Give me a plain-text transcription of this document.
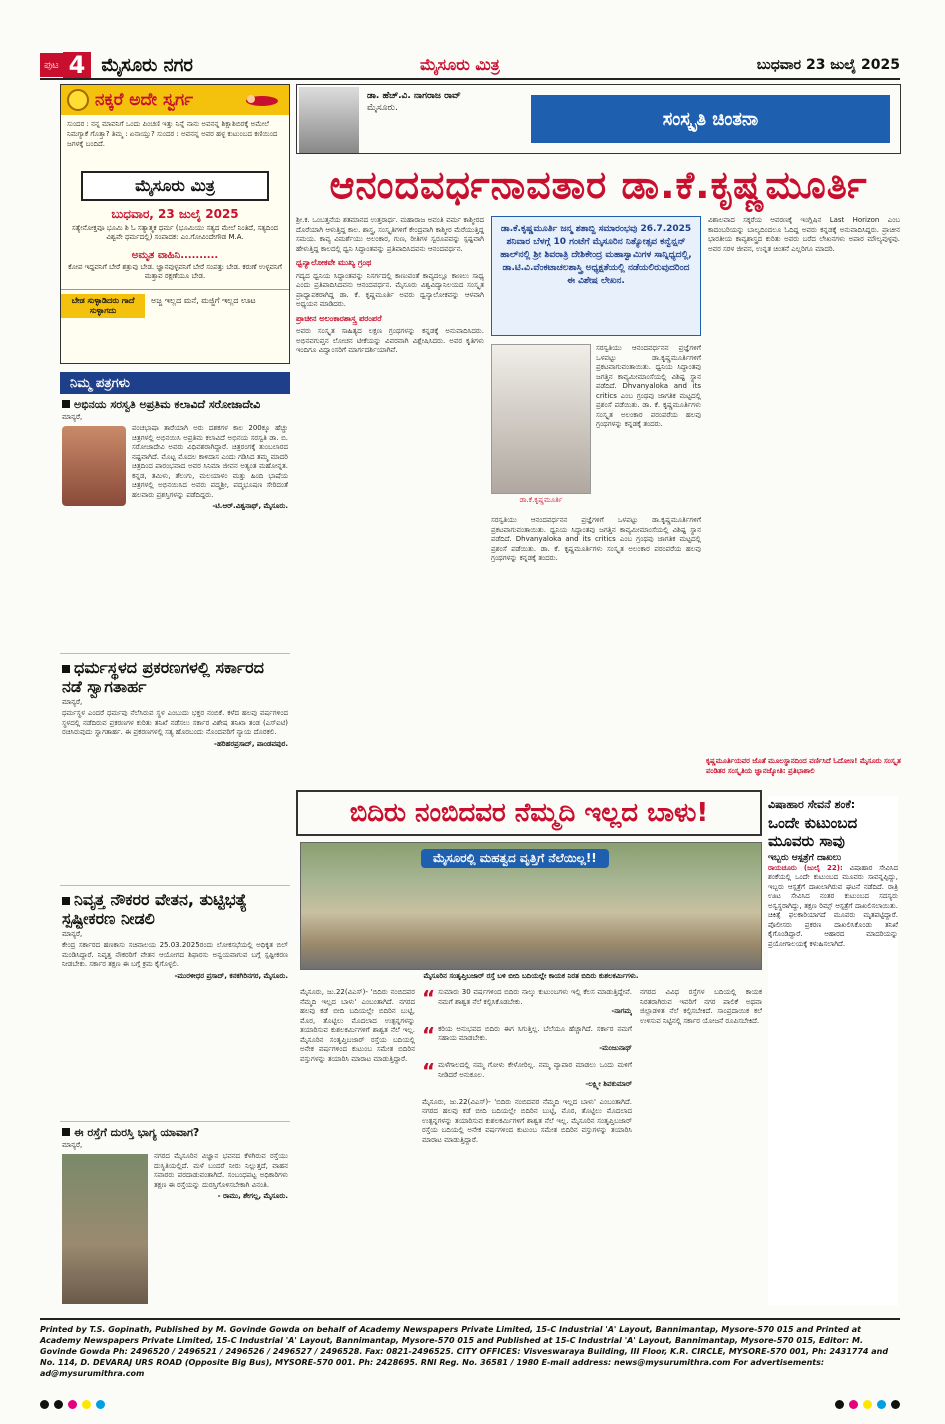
ಪುಟ 4 ಮೈಸೂರು ನಗರ	ಮೈಸೂರು ಮಿತ್ರ	ಬುಧವಾರ 23 ಜುಲೈ 2025
ನಕ್ಕರೆ ಅದೇ ಸ್ವರ್ಗ
ಸುಂದರ : ನನ್ನ ಮಾವನಿಗೆ ಒಂದು ಪಿಂಚಣಿ ಇತ್ತು ನಿನ್ನೆ ನಾನು ಅವನನ್ನ ಶಿಕ್ಷಾಶಿಬಿರಕ್ಕೆ ಅಮೇಲೆ ನಿಮಗ್ಯಾಕೆ ಗೊತ್ತಾ? ತಿಮ್ಮ : ಏನಾಯ್ತು? ಸುಂದರ : ಅವನನ್ನ ಅವರ ಹಳ್ಳ ಕುಟುಂಬದ ಕಣಿಯಿಂದ ಜಗಳಕ್ಕೆ ಬಂದಿದೆ.
ಮೈಸೂರು ಮಿತ್ರ
ಬುಧವಾರ, 23 ಜುಲೈ 2025
ಸತ್ಯೇನೋಕ್ತವೂ ಭೂಮಿ ಶಿ ಓ ಸತ್ಯಾತ್ಮಕ ಧರ್ಮ (ಭೂಮಿಯು ಸತ್ಯದ ಮೇಲೆ ನಿಂತಿದೆ, ಸತ್ಯದಿಂದ ವಿಶ್ವವೇ ಧರ್ಮದಲ್ಲಿ) ಸಂಪಾದಕ: ಎಂ.ಗೋವಿಂದೇಗೌಡ M.A.
ಅಮೃತ ವಾಹಿನಿ..........
ಕೋಪ ಇದ್ದವನಿಗೆ ಬೇರೆ ಶತ್ರುವು ಬೇಡ. ಜ್ಞಾನವುಳ್ಳವನಿಗೆ ಬೇರೆ ಸಂಪತ್ತು ಬೇಡ. ಕರುಣೆ ಉಳ್ಳವನಿಗೆ ಮತ್ತಾವ ರಕ್ಷಣೆಯೂ ಬೇಡ.
ಬೇಡ ಸುಳ್ಳಾಡಿದರು ಗಾದೆ ಸುಳ್ಳಾಗದು
ಅಜ್ಜ ಇಲ್ಲದ ಮನೆ, ಮಜ್ಜಿಗೆ ಇಲ್ಲದ ಊಟ
ನಿಮ್ಮ ಪತ್ರಗಳು
ಅಭಿನಯ ಸರಸ್ವತಿ ಅಪ್ರತಿಮ ಕಲಾವಿದೆ ಸರೋಜಾದೇವಿ
ಮಾನ್ಯರೆ,
ಪಂಚಭಾಷಾ ತಾರೆಯಾಗಿ ಅರು ದಶಕಗಳ ಕಾಲ 200ಕ್ಕೂ ಹೆಚ್ಚು ಚಿತ್ರಗಳಲ್ಲಿ ಅಭಿನಯಿಸಿ ಅಪ್ರತಿಮ ಕಲಾವಿದೆ ಅಭಿನಯ ಸರಸ್ವತಿ ಡಾ. ಬಿ. ಸರೋಜಾದೇವಿ ಅವರು ವಿಧಿವಶರಾಗಿದ್ದಾರೆ. ಚಿತ್ರರಂಗಕ್ಕೆ ತುಂಬಲಾರದ ನಷ್ಟವಾಗಿದೆ. ಮೊಟ್ಟ ಮೊದಲ ಕಾಳಿದಾಸ ಎಂದು ಗಡಿಸಿದ ತಮ್ಮ ಮಾದರಿ ಚಿತ್ರದಿಂದ ಪಾರಂಭವಾದ ಅವರ ಸಿನಿಮಾ ಜೀವನ ಅತ್ಯಂತ ಮಹೋನ್ನತ. ಕನ್ನಡ, ತಮಿಳು, ತೆಲುಗು, ಮಲಯಾಳಂ ಮತ್ತು ಹಿಂದಿ ಭಾಷೆಯ ಚಿತ್ರಗಳಲ್ಲಿ ಅಭಿನಯಿಸಿದ ಅವರು ಪದ್ಮಶ್ರೀ, ಪದ್ಮಭೂಷಣ ಸೇರಿದಂತೆ ಹಲವಾರು ಪ್ರಶಸ್ತಿಗಳನ್ನು ಪಡೆದಿದ್ದರು.
-ಟಿ.ಆರ್.ವಿಶ್ವನಾಥ್, ಮೈಸೂರು.
ಧರ್ಮಸ್ಥಳದ ಪ್ರಕರಣಗಳಲ್ಲಿ ಸರ್ಕಾರದ ನಡೆ ಸ್ವಾಗತಾರ್ಹ
ಮಾನ್ಯರೆ,
ಧರ್ಮಸ್ಥಳ ಎಂದರೆ ಧರ್ಮವು ನೆಲೆಸಿರುವ ಸ್ಥಳ ಎಂಬುದು ಭಕ್ತರ ನಂಬಿಕೆ. ಕಳೆದ ಹಲವು ವರ್ಷಗಳಿಂದ ಸ್ಥಳದಲ್ಲಿ ನಡೆದಿರುವ ಪ್ರಕರಣಗಳ ಕುರಿತು ತನಿಖೆ ನಡೆಸಲು ಸರ್ಕಾರ ವಿಶೇಷ ತನಿಖಾ ತಂಡ (ಎಸ್‌ಐಟಿ) ರಚಿಸಿರುವುದು ಸ್ವಾಗತಾರ್ಹ. ಈ ಪ್ರಕರಣಗಳಲ್ಲಿ ಸತ್ಯ ಹೊರಬಂದು ನೊಂದವರಿಗೆ ನ್ಯಾಯ ದೊರಕಲಿ.
-ಹರಿಹರಪ್ರಸಾದ್, ಪಾಂಡವಪುರ.
ನಿವೃತ್ತ ನೌಕರರ ವೇತನ, ತುಟ್ಟಿಭತ್ಯೆ ಸ್ಪಷ್ಟೀಕರಣ ನೀಡಲಿ
ಮಾನ್ಯರೆ,
ಕೇಂದ್ರ ಸರ್ಕಾರದ ಹಣಕಾಸು ಸಚಿವಾಲಯ 25.03.2025ರಂದು ಲೋಕಸಭೆಯಲ್ಲಿ ಅಧಿಕೃತ ಬಿಲ್ ಮಂಡಿಸಿದ್ದಾರೆ. ನಿವೃತ್ತ ನೌಕರರಿಗೆ ವೇತನ ಆಯೋಗದ ಶಿಫಾರಸು ಅನ್ವಯವಾಗುವ ಬಗ್ಗೆ ಸ್ಪಷ್ಟೀಕರಣ ನೀಡಬೇಕು. ಸರ್ಕಾರ ತಕ್ಷಣ ಈ ಬಗ್ಗೆ ಕ್ರಮ ಕೈಗೊಳ್ಳಲಿ.
-ಮುರಳೀಧರ ಪ್ರಸಾದ್, ಕನಕಗಿರಿನಗರ, ಮೈಸೂರು.
ಈ ರಸ್ತೆಗೆ ದುರಸ್ತಿ ಭಾಗ್ಯ ಯಾವಾಗ?
ಮಾನ್ಯರೆ,
ನಗರದ ಮೈಸೂರಿನ ವಿಜ್ಞಾನ ಭವನದ ಕೆಳಗಿರುವ ರಸ್ತೆಯು ದುಸ್ಥಿತಿಯಲ್ಲಿದೆ. ಮಳೆ ಬಂದರೆ ನೀರು ನಿಲ್ಲುತ್ತದೆ, ವಾಹನ ಸವಾರರು ಪರದಾಡುವಂತಾಗಿದೆ. ಸಂಬಂಧಪಟ್ಟ ಅಧಿಕಾರಿಗಳು ತಕ್ಷಣ ಈ ರಸ್ತೆಯನ್ನು ದುರಸ್ತಿಗೊಳಿಸಬೇಕಾಗಿ ವಿನಂತಿ.
- ರಾಮು, ಶೇಗಲ್ಲ, ಮೈಸೂರು.
ಡಾ. ಹೆಚ್.ವಿ. ನಾಗರಾಜ ರಾವ್
ಮೈಸೂರು.
ಸಂಸ್ಕೃತಿ ಚಿಂತನಾ
ಆನಂದವರ್ಧನಾವತಾರ ಡಾ.ಕೆ.ಕೃಷ್ಣಮೂರ್ತಿ

ಶ್ರೀ.ಕ. ಒಂಬತ್ತನೆಯ ಶತಮಾನದ ಉತ್ತರಾರ್ಧ. ಮಹಾರಾಜ ಅವಂತಿ ವರ್ಮ ಕಾಶ್ಮೀರದ ದೊರೆಯಾಗಿ ಆಳುತ್ತಿದ್ದ ಕಾಲ. ಶಾಸ್ತ್ರ, ಸಂಸ್ಕೃತಿಗಳಿಗೆ ಕೇಂದ್ರವಾಗಿ ಕಾಶ್ಮೀರ ಮೆರೆಯುತ್ತಿದ್ದ ಸಮಯ. ಕಾವ್ಯ ವಿಮರ್ಶೆಯು ಅಲಂಕಾರ, ಗುಣ, ರೀತಿಗಳ ಸ್ವರೂಪವನ್ನು ಸ್ಪಷ್ಟವಾಗಿ ಹೇಳುತ್ತಿದ್ದ ಕಾಲದಲ್ಲಿ ಧ್ವನಿ ಸಿದ್ಧಾಂತವನ್ನು ಪ್ರತಿಪಾದಿಸಿದವನು ಆನಂದವರ್ಧನ.

ಧ್ವನ್ಯಾಲೋಕವೇ ಮುಖ್ಯ ಗ್ರಂಥ

ಗದ್ಯದ ಧ್ವನಿಯ ಸಿದ್ಧಾಂತವನ್ನು ನಿಸರ್ಗದಲ್ಲಿ ಕಾಣುವಂತೆ ಕಾವ್ಯದಲ್ಲೂ ಕಾಣಲು ಸಾಧ್ಯ ಎಂದು ಪ್ರತಿಪಾದಿಸಿದವನು ಆನಂದವರ್ಧನ. ಮೈಸೂರು ವಿಶ್ವವಿದ್ಯಾನಿಲಯದ ಸಂಸ್ಕೃತ ಪ್ರಾಧ್ಯಾಪಕರಾಗಿದ್ದ ಡಾ. ಕೆ. ಕೃಷ್ಣಮೂರ್ತಿ ಅವರು ಧ್ವನ್ಯಾಲೋಕವನ್ನು ಆಳವಾಗಿ ಅಧ್ಯಯನ ಮಾಡಿದರು.

ಪ್ರಾಚೀನ ಅಲಂಕಾರಶಾಸ್ತ್ರ ಪರಂಪರೆ

ಅವರು ಸಂಸ್ಕೃತ ಸಾಹಿತ್ಯದ ಲಕ್ಷಣ ಗ್ರಂಥಗಳನ್ನು ಕನ್ನಡಕ್ಕೆ ಅನುವಾದಿಸಿದರು. ಅಭಿನವಗುಪ್ತನ ಲೋಚನ ಟೀಕೆಯನ್ನು ವಿವರವಾಗಿ ವಿಶ್ಲೇಷಿಸಿದರು. ಅವರ ಕೃತಿಗಳು ಇಂದಿಗೂ ವಿದ್ವಾಂಸರಿಗೆ ಮಾರ್ಗದರ್ಶಿಯಾಗಿವೆ.

ಡಾ.ಕೆ.ಕೃಷ್ಣಮೂರ್ತಿ ಜನ್ಮ ಶತಾಬ್ದಿ ಸಮಾರಂಭವು 26.7.2025 ಶನಿವಾರ ಬೆಳಗ್ಗೆ 10 ಗಂಟೆಗೆ ಮೈಸೂರಿನ ನಿತ್ಯೋತ್ಸವ ಕನ್ವೆನ್ಷನ್ ಹಾಲ್‌ನಲ್ಲಿ ಶ್ರೀ ಶಿವರಾತ್ರಿ ದೇಶಿಕೇಂದ್ರ ಮಹಾಸ್ವಾಮಿಗಳ ಸಾನ್ನಿಧ್ಯದಲ್ಲಿ, ಡಾ.ಟಿ.ವಿ.ವೆಂಕಟಾಚಲಶಾಸ್ತ್ರಿ ಅಧ್ಯಕ್ಷತೆಯಲ್ಲಿ ನಡೆಯಲಿರುವುದರಿಂದ ಈ ವಿಶೇಷ ಲೇಖನ.
ಡಾ.ಕೆ.ಕೃಷ್ಣಮೂರ್ತಿ

ಸರಸ್ವತಿಯು ಆನಂದವರ್ಧನನ ಪ್ರಜ್ಞೆಗಳಿಗೆ ಒಳಪಟ್ಟು ಡಾ.ಕೃಷ್ಣಮೂರ್ತಿಗಳಿಗೆ ಪ್ರಕಟವಾಗುವಂತಾಯಿತು. ಧ್ವನಿಯ ಸಿದ್ಧಾಂತವು ಜಗತ್ತಿನ ಕಾವ್ಯಮೀಮಾಂಸೆಯಲ್ಲಿ ವಿಶಿಷ್ಟ ಸ್ಥಾನ ಪಡೆದಿದೆ. Dhvanyaloka and its critics ಎಂಬ ಗ್ರಂಥವು ಜಾಗತಿಕ ಮಟ್ಟದಲ್ಲಿ ಪ್ರಶಂಸೆ ಪಡೆಯಿತು. ಡಾ. ಕೆ. ಕೃಷ್ಣಮೂರ್ತಿಗಳು ಸಂಸ್ಕೃತ ಅಲಂಕಾರ ಪರಂಪರೆಯ ಹಲವು ಗ್ರಂಥಗಳನ್ನು ಕನ್ನಡಕ್ಕೆ ತಂದರು.

ಸರಸ್ವತಿಯು ಆನಂದವರ್ಧನನ ಪ್ರಜ್ಞೆಗಳಿಗೆ ಒಳಪಟ್ಟು ಡಾ.ಕೃಷ್ಣಮೂರ್ತಿಗಳಿಗೆ ಪ್ರಕಟವಾಗುವಂತಾಯಿತು. ಧ್ವನಿಯ ಸಿದ್ಧಾಂತವು ಜಗತ್ತಿನ ಕಾವ್ಯಮೀಮಾಂಸೆಯಲ್ಲಿ ವಿಶಿಷ್ಟ ಸ್ಥಾನ ಪಡೆದಿದೆ. Dhvanyaloka and its critics ಎಂಬ ಗ್ರಂಥವು ಜಾಗತಿಕ ಮಟ್ಟದಲ್ಲಿ ಪ್ರಶಂಸೆ ಪಡೆಯಿತು. ಡಾ. ಕೆ. ಕೃಷ್ಣಮೂರ್ತಿಗಳು ಸಂಸ್ಕೃತ ಅಲಂಕಾರ ಪರಂಪರೆಯ ಹಲವು ಗ್ರಂಥಗಳನ್ನು ಕನ್ನಡಕ್ಕೆ ತಂದರು.

ವಿಶಾಲವಾದ ಸಕ್ಕರೆಯ ಆವರಣಕ್ಕೆ ಇಂಗ್ಲಿಷಿನ Last Horizon ಎಂಬ ಕಾದಂಬರಿಯನ್ನು ಬಾಲ್ಯದಿಂದಲೂ ಓದಿದ್ದ ಅವರು ಕನ್ನಡಕ್ಕೆ ಅನುವಾದಿಸಿದ್ದರು. ಪ್ರಾಚೀನ ಭಾರತೀಯ ಕಾವ್ಯಶಾಸ್ತ್ರದ ಕುರಿತು ಅವರು ಬರೆದ ಲೇಖನಗಳು ಅಪಾರ ಮೌಲ್ಯವುಳ್ಳವು. ಅವರ ಸರಳ ಜೀವನ, ಉನ್ನತ ಚಿಂತನೆ ಎಲ್ಲರಿಗೂ ಮಾದರಿ.

ಕೃಷ್ಣಮೂರ್ತಿಯವರ ಜೊತೆ ಮೂಲಸ್ಥಾನದಿಂದ ವರ್ಣಿಸಿದೆ ಓದೋಣ! ಮೈಸೂರು ಸಂಸ್ಕೃತ ಪಂಡಿತರ ಸಂಸ್ಕೃತಿಯ ಜ್ಞಾನಜ್ಯೋತಿ: ಪ್ರತಿಭಾಶಾಲಿ
ಬಿದಿರು ನಂಬಿದವರ ನೆಮ್ಮದಿ ಇಲ್ಲದ ಬಾಳು!
ಮೈಸೂರಲ್ಲಿ ಮಹತ್ವದ ವೃತ್ತಿಗೆ ನೆಲೆಯಿಲ್ಲ!!
ಮೈಸೂರಿನ ಸಂತೃಪ್ತಿಬಜಾರ್ ರಸ್ತೆ ಬಳಿ ಬೀದಿ ಬದಿಯಲ್ಲೇ ಕಾಯಕ ನಿರತ ಬಿದಿರು ಕುಶಲಕರ್ಮಿಗಳು.

ಮೈಸೂರು, ಜು.22(ವಿಎಸ್)- 'ಬಿದಿರು ನಂಬಿದವರ ನೆಮ್ಮದಿ ಇಲ್ಲದ ಬಾಳು' ಎಂಬಂತಾಗಿದೆ. ನಗರದ ಹಲವು ಕಡೆ ಬೀದಿ ಬದಿಯಲ್ಲೇ ಬಿದಿರಿನ ಬುಟ್ಟಿ, ಮೊರ, ತೊಟ್ಟಿಲು ಮೊದಲಾದ ಉತ್ಪನ್ನಗಳನ್ನು ತಯಾರಿಸುವ ಕುಶಲಕರ್ಮಿಗಳಿಗೆ ಶಾಶ್ವತ ನೆಲೆ ಇಲ್ಲ. ಮೈಸೂರಿನ ಸಂತೃಪ್ತಿಬಜಾರ್ ರಸ್ತೆಯ ಬದಿಯಲ್ಲಿ ಅನೇಕ ವರ್ಷಗಳಿಂದ ಕುಟುಂಬ ಸಮೇತ ಬಿದಿರಿನ ವಸ್ತುಗಳನ್ನು ತಯಾರಿಸಿ ಮಾರಾಟ ಮಾಡುತ್ತಿದ್ದಾರೆ.

“ ಸುಮಾರು 30 ವರ್ಷಗಳಿಂದ ಬಿದಿರು ನಾಲ್ಕು ಕುಟುಂಬಗಳು ಇಲ್ಲಿ ಕೆಲಸ ಮಾಡುತ್ತಿದ್ದೇವೆ. ನಮಗೆ ಶಾಶ್ವತ ನೆಲೆ ಕಲ್ಪಿಸಿಕೊಡಬೇಕು.
-ನಾಗಮ್ಮ
“ ಕರಿಯ ಅನುಭವದ ಬಿದಿರು ಈಗ ಸಿಗುತ್ತಿಲ್ಲ. ಬೆಲೆಯೂ ಹೆಚ್ಚಾಗಿದೆ. ಸರ್ಕಾರ ನಮಗೆ ಸಹಾಯ ಮಾಡಬೇಕು.
-ಮಂಜುನಾಥ್
“ ಮಳೆಗಾಲದಲ್ಲಿ ನಮ್ಮ ಗೋಳು ಕೇಳೋರಿಲ್ಲ. ನಮ್ಮ ವ್ಯಾಪಾರ ಮಾಡಲು ಒಂದು ಮಳಿಗೆ ನೀಡಿದರೆ ಅನುಕೂಲ.
-ಲಕ್ಷ್ಮೀ ಶಿವಕುಮಾರ್

ಮೈಸೂರು, ಜು.22(ವಿಎಸ್)- 'ಬಿದಿರು ನಂಬಿದವರ ನೆಮ್ಮದಿ ಇಲ್ಲದ ಬಾಳು' ಎಂಬಂತಾಗಿದೆ. ನಗರದ ಹಲವು ಕಡೆ ಬೀದಿ ಬದಿಯಲ್ಲೇ ಬಿದಿರಿನ ಬುಟ್ಟಿ, ಮೊರ, ತೊಟ್ಟಿಲು ಮೊದಲಾದ ಉತ್ಪನ್ನಗಳನ್ನು ತಯಾರಿಸುವ ಕುಶಲಕರ್ಮಿಗಳಿಗೆ ಶಾಶ್ವತ ನೆಲೆ ಇಲ್ಲ. ಮೈಸೂರಿನ ಸಂತೃಪ್ತಿಬಜಾರ್ ರಸ್ತೆಯ ಬದಿಯಲ್ಲಿ ಅನೇಕ ವರ್ಷಗಳಿಂದ ಕುಟುಂಬ ಸಮೇತ ಬಿದಿರಿನ ವಸ್ತುಗಳನ್ನು ತಯಾರಿಸಿ ಮಾರಾಟ ಮಾಡುತ್ತಿದ್ದಾರೆ.

ನಗರದ ವಿವಿಧ ರಸ್ತೆಗಳ ಬದಿಯಲ್ಲಿ ಕಾಯಕ ನಿರತರಾಗಿರುವ ಇವರಿಗೆ ನಗರ ಪಾಲಿಕೆ ಅಥವಾ ಜಿಲ್ಲಾಡಳಿತ ನೆಲೆ ಕಲ್ಪಿಸಬೇಕಿದೆ. ಸಾಂಪ್ರದಾಯಿಕ ಕಲೆ ಉಳಿಸುವ ನಿಟ್ಟಿನಲ್ಲಿ ಸರ್ಕಾರ ಯೋಜನೆ ರೂಪಿಸಬೇಕಿದೆ.

ವಿಷಾಹಾರ ಸೇವನೆ ಶಂಕೆ:
ಒಂದೇ ಕುಟುಂಬದ ಮೂವರು ಸಾವು
ಇಬ್ಬರು ಆಸ್ಪತ್ರೆಗೆ ದಾಖಲು
ರಾಯಚೂರು (ಜುಲೈ 22): ವಿಷಾಹಾರ ಸೇವಿಸಿದ ಶಂಕೆಯಲ್ಲಿ ಒಂದೇ ಕುಟುಂಬದ ಮೂವರು ಸಾವನ್ನಪ್ಪಿದ್ದು, ಇಬ್ಬರು ಆಸ್ಪತ್ರೆಗೆ ದಾಖಲಾಗಿರುವ ಘಟನೆ ನಡೆದಿದೆ. ರಾತ್ರಿ ಊಟ ಸೇವಿಸಿದ ನಂತರ ಕುಟುಂಬದ ಸದಸ್ಯರು ಅಸ್ವಸ್ಥರಾಗಿದ್ದು, ತಕ್ಷಣ ರಿಮ್ಸ್ ಆಸ್ಪತ್ರೆಗೆ ದಾಖಲಿಸಲಾಯಿತು. ಚಿಕಿತ್ಸೆ ಫಲಕಾರಿಯಾಗದೆ ಮೂವರು ಮೃತಪಟ್ಟಿದ್ದಾರೆ. ಪೊಲೀಸರು ಪ್ರಕರಣ ದಾಖಲಿಸಿಕೊಂಡು ತನಿಖೆ ಕೈಗೊಂಡಿದ್ದಾರೆ. ಆಹಾರದ ಮಾದರಿಯನ್ನು ಪ್ರಯೋಗಾಲಯಕ್ಕೆ ಕಳುಹಿಸಲಾಗಿದೆ.
Printed by T.S. Gopinath, Published by M. Govinde Gowda on behalf of Academy Newspapers Private Limited, 15-C Industrial 'A' Layout, Bannimantap, Mysore-570 015 and Printed at Academy Newspapers Private Limited, 15-C Industrial 'A' Layout, Bannimantap, Mysore-570 015 and Published at 15-C Industrial 'A' Layout, Bannimantap, Mysore-570 015, Editor: M. Govinde Gowda Ph: 2496520 / 2496521 / 2496526 / 2496527 / 2496528. Fax: 0821-2496525. CITY OFFICES: Visveswaraya Building, III Floor, K.R. CIRCLE, MYSORE-570 001, Ph: 2431774 and No. 114, D. DEVARAJ URS ROAD (Opposite Big Bus), MYSORE-570 001. Ph: 2428695. RNI Reg. No. 36581 / 1980 E-mail address: news@mysurumithra.com For advertisements: ad@mysurumithra.com
